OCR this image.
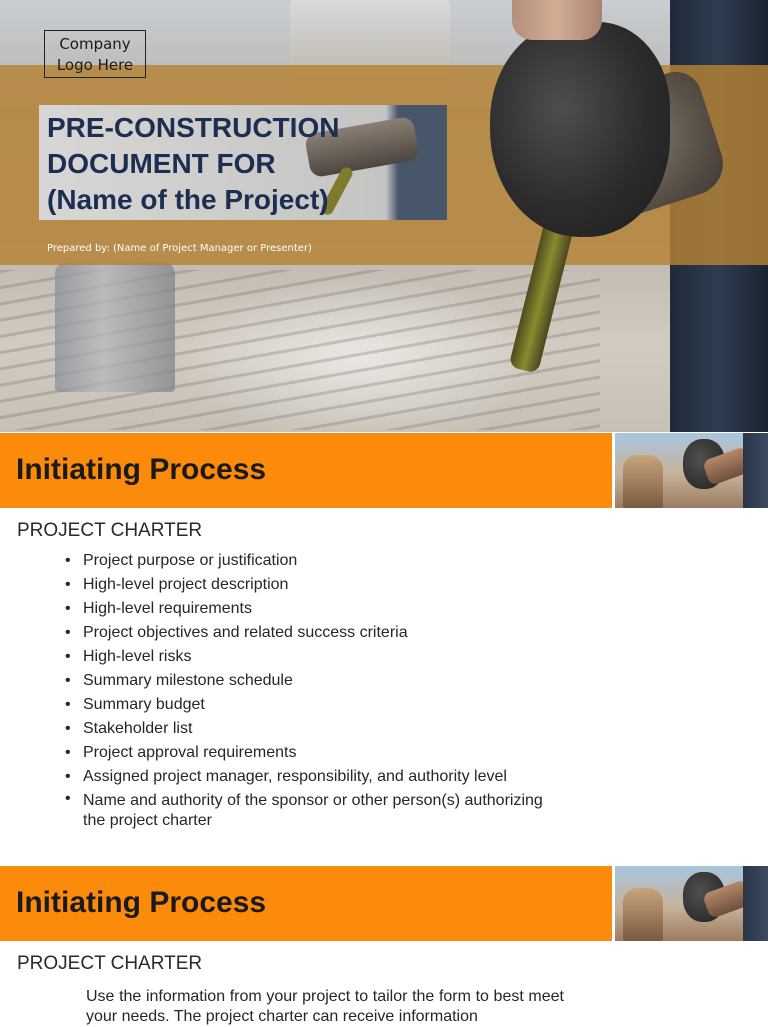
Company Logo Here
PRE-CONSTRUCTION
DOCUMENT FOR
(Name of the Project)
Prepared by: (Name of Project Manager or Presenter)
Initiating Process
PROJECT CHARTER
• Project purpose or justification
• High-level project description
• High-level requirements
• Project objectives and related success criteria
• High-level risks
• Summary milestone schedule
• Summary budget
• Stakeholder list
• Project approval requirements
• Assigned project manager, responsibility, and authority level
• Name and authority of the sponsor or other person(s) authorizing the project charter
Initiating Process
PROJECT CHARTER
Use the information from your project to tailor the form to best meet your needs. The project charter can receive information
